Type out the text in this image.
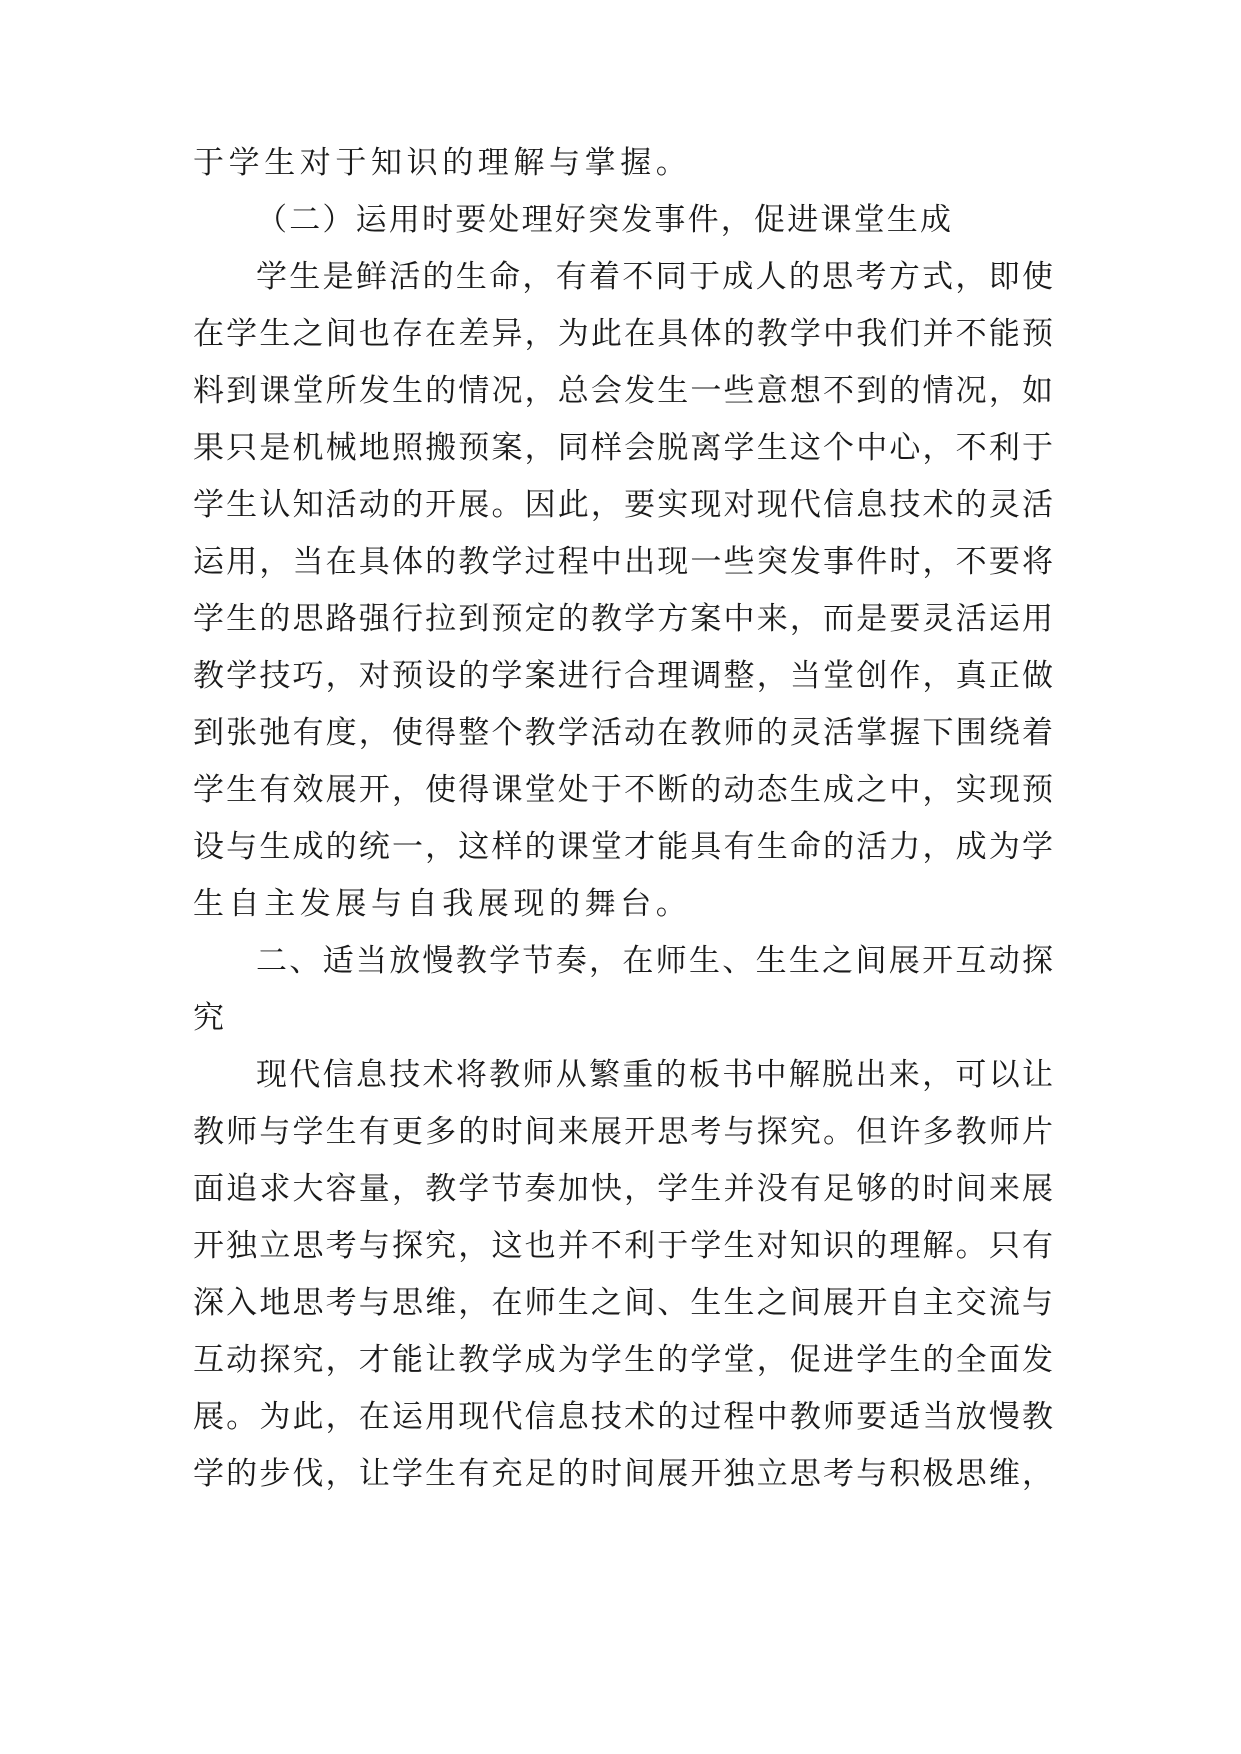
于学生对于知识的理解与掌握。
（二）运用时要处理好突发事件，促进课堂生成
学生是鲜活的生命，有着不同于成人的思考方式，即使
在学生之间也存在差异，为此在具体的教学中我们并不能预
料到课堂所发生的情况，总会发生一些意想不到的情况，如
果只是机械地照搬预案，同样会脱离学生这个中心，不利于
学生认知活动的开展。因此，要实现对现代信息技术的灵活
运用，当在具体的教学过程中出现一些突发事件时，不要将
学生的思路强行拉到预定的教学方案中来，而是要灵活运用
教学技巧，对预设的学案进行合理调整，当堂创作，真正做
到张弛有度，使得整个教学活动在教师的灵活掌握下围绕着
学生有效展开，使得课堂处于不断的动态生成之中，实现预
设与生成的统一，这样的课堂才能具有生命的活力，成为学
生自主发展与自我展现的舞台。
二、适当放慢教学节奏，在师生、生生之间展开互动探
究
现代信息技术将教师从繁重的板书中解脱出来，可以让
教师与学生有更多的时间来展开思考与探究。但许多教师片
面追求大容量，教学节奏加快，学生并没有足够的时间来展
开独立思考与探究，这也并不利于学生对知识的理解。只有
深入地思考与思维，在师生之间、生生之间展开自主交流与
互动探究，才能让教学成为学生的学堂，促进学生的全面发
展。为此，在运用现代信息技术的过程中教师要适当放慢教
学的步伐，让学生有充足的时间展开独立思考与积极思维，
